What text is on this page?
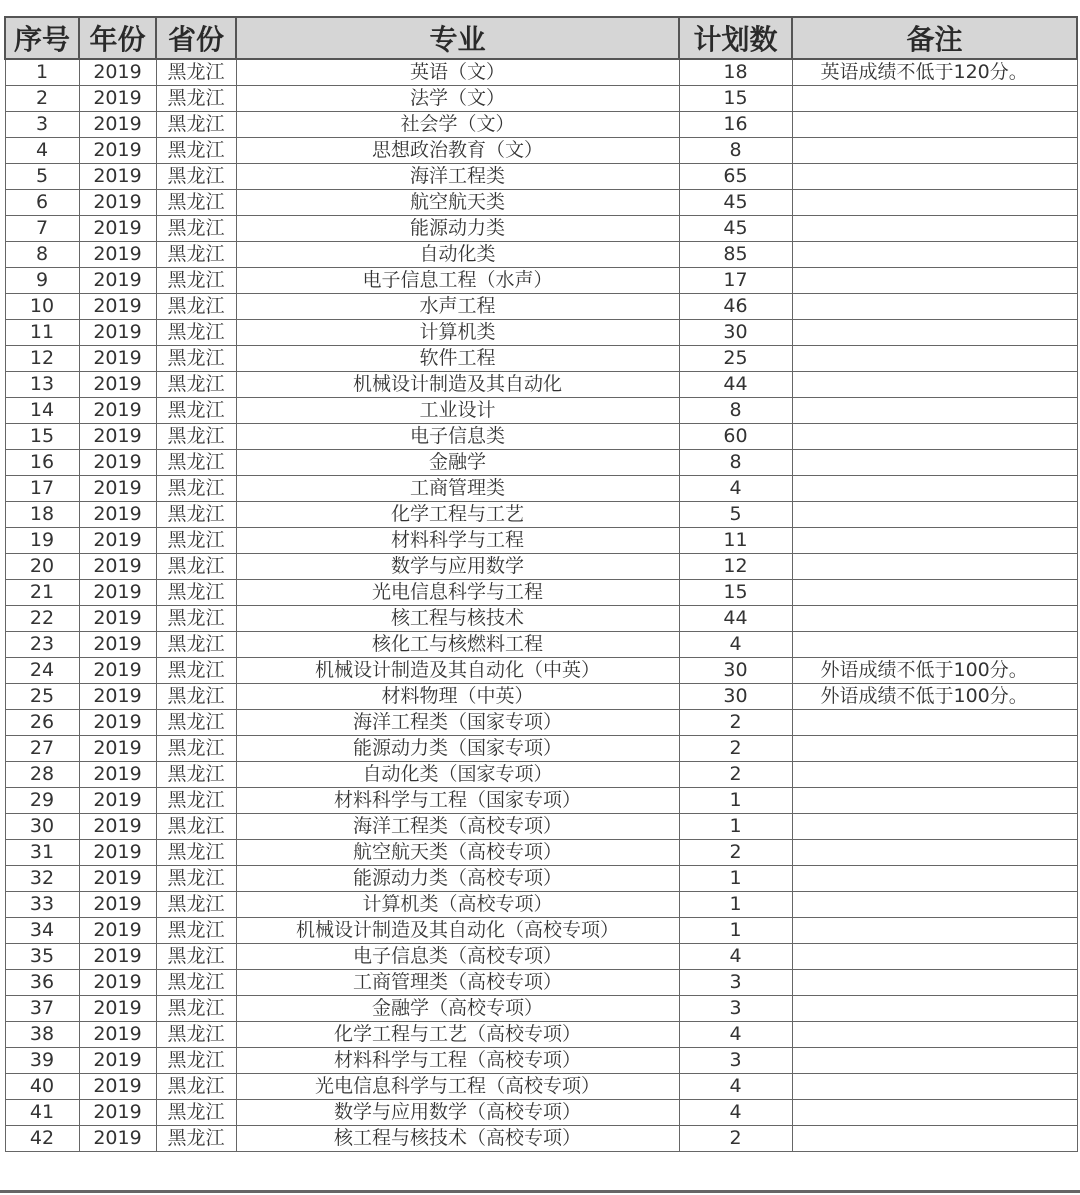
序号	年份	省份	专业	计划数	备注
1	2019	黑龙江	英语（文）	18	英语成绩不低于120分。
2	2019	黑龙江	法学（文）	15	
3	2019	黑龙江	社会学（文）	16	
4	2019	黑龙江	思想政治教育（文）	8	
5	2019	黑龙江	海洋工程类	65	
6	2019	黑龙江	航空航天类	45	
7	2019	黑龙江	能源动力类	45	
8	2019	黑龙江	自动化类	85	
9	2019	黑龙江	电子信息工程（水声）	17	
10	2019	黑龙江	水声工程	46	
11	2019	黑龙江	计算机类	30	
12	2019	黑龙江	软件工程	25	
13	2019	黑龙江	机械设计制造及其自动化	44	
14	2019	黑龙江	工业设计	8	
15	2019	黑龙江	电子信息类	60	
16	2019	黑龙江	金融学	8	
17	2019	黑龙江	工商管理类	4	
18	2019	黑龙江	化学工程与工艺	5	
19	2019	黑龙江	材料科学与工程	11	
20	2019	黑龙江	数学与应用数学	12	
21	2019	黑龙江	光电信息科学与工程	15	
22	2019	黑龙江	核工程与核技术	44	
23	2019	黑龙江	核化工与核燃料工程	4	
24	2019	黑龙江	机械设计制造及其自动化（中英）	30	外语成绩不低于100分。
25	2019	黑龙江	材料物理（中英）	30	外语成绩不低于100分。
26	2019	黑龙江	海洋工程类（国家专项）	2	
27	2019	黑龙江	能源动力类（国家专项）	2	
28	2019	黑龙江	自动化类（国家专项）	2	
29	2019	黑龙江	材料科学与工程（国家专项）	1	
30	2019	黑龙江	海洋工程类（高校专项）	1	
31	2019	黑龙江	航空航天类（高校专项）	2	
32	2019	黑龙江	能源动力类（高校专项）	1	
33	2019	黑龙江	计算机类（高校专项）	1	
34	2019	黑龙江	机械设计制造及其自动化（高校专项）	1	
35	2019	黑龙江	电子信息类（高校专项）	4	
36	2019	黑龙江	工商管理类（高校专项）	3	
37	2019	黑龙江	金融学（高校专项）	3	
38	2019	黑龙江	化学工程与工艺（高校专项）	4	
39	2019	黑龙江	材料科学与工程（高校专项）	3	
40	2019	黑龙江	光电信息科学与工程（高校专项）	4	
41	2019	黑龙江	数学与应用数学（高校专项）	4	
42	2019	黑龙江	核工程与核技术（高校专项）	2	
